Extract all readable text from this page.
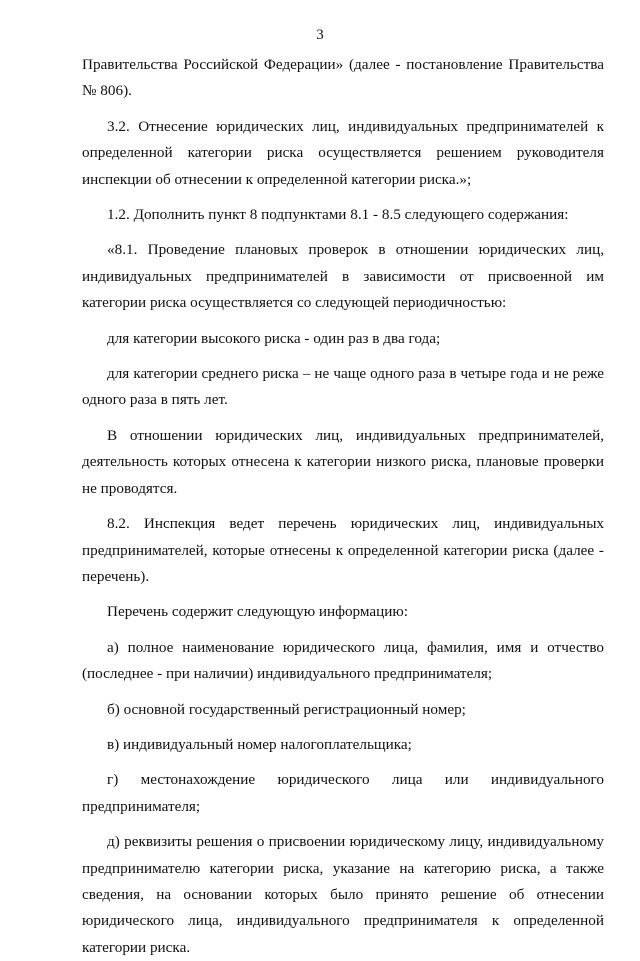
3

Правительства Российской Федерации» (далее - постановление Правительства № 806).

3.2. Отнесение юридических лиц, индивидуальных предпринимателей к определенной категории риска осуществляется решением руководителя инспекции об отнесении к определенной категории риска.»;

1.2. Дополнить пункт 8 подпунктами 8.1 - 8.5 следующего содержания:

«8.1. Проведение плановых проверок в отношении юридических лиц, индивидуальных предпринимателей в зависимости от присвоенной им категории риска осуществляется со следующей периодичностью:

для категории высокого риска - один раз в два года;

для категории среднего риска – не чаще одного раза в четыре года и не реже одного раза в пять лет.

В отношении юридических лиц, индивидуальных предпринимателей, деятельность которых отнесена к категории низкого риска, плановые проверки не проводятся.

8.2. Инспекция ведет перечень юридических лиц, индивидуальных предпринимателей, которые отнесены к определенной категории риска (далее - перечень).

Перечень содержит следующую информацию:

а) полное наименование юридического лица, фамилия, имя и отчество (последнее - при наличии) индивидуального предпринимателя;

б) основной государственный регистрационный номер;

в) индивидуальный номер налогоплательщика;

г) местонахождение юридического лица или индивидуального предпринимателя;

д) реквизиты решения о присвоении юридическому лицу, индивидуальному предпринимателю категории риска, указание на категорию риска, а также сведения, на основании которых было принято решение об отнесении юридического лица, индивидуального предпринимателя к определенной категории риска.
